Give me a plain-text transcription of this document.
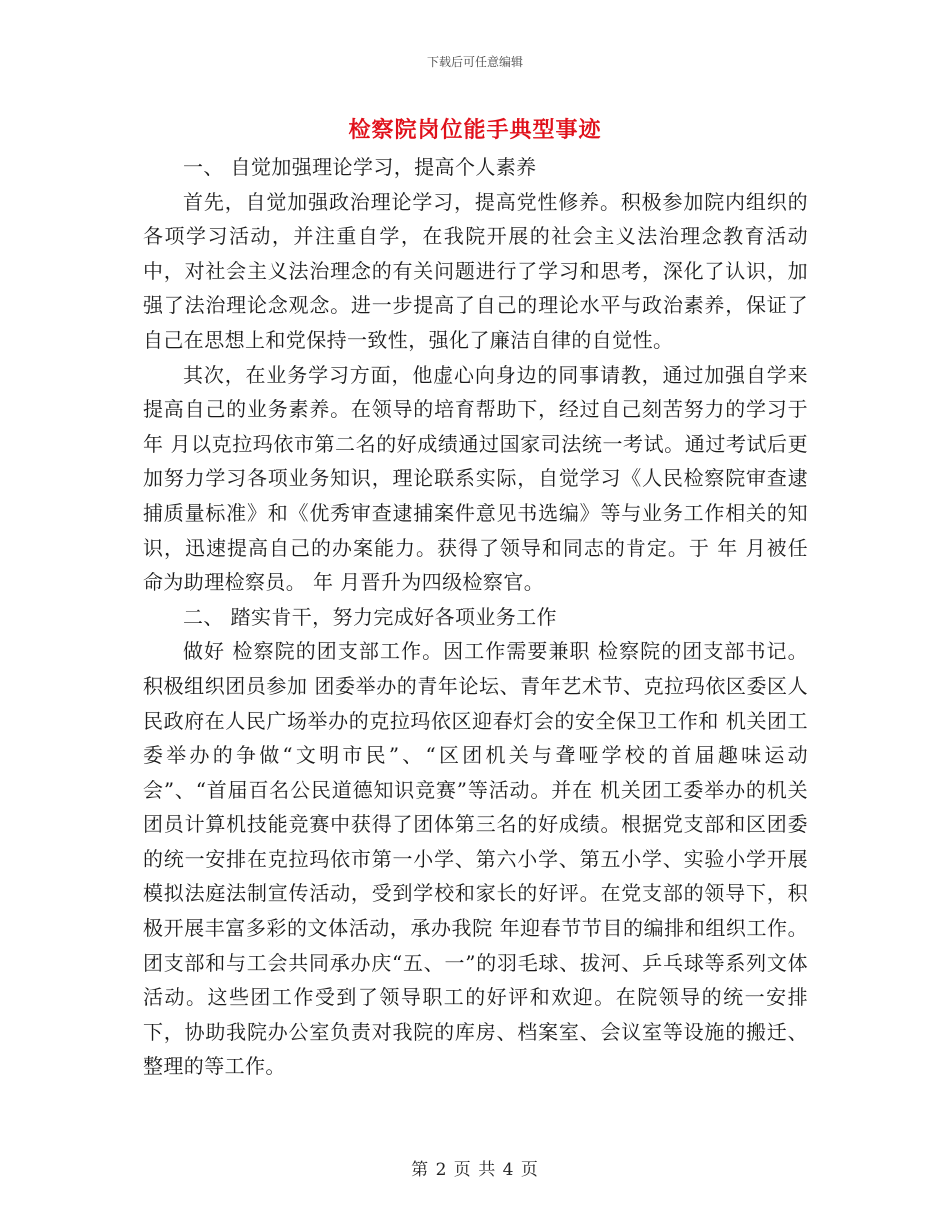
下载后可任意编辑
检察院岗位能手典型事迹

一、 自觉加强理论学习，提高个人素养

首先，自觉加强政治理论学习，提高党性修养。积极参加院内组织的各项学习活动，并注重自学，在我院开展的社会主义法治理念教育活动中，对社会主义法治理念的有关问题进行了学习和思考，深化了认识，加强了法治理论念观念。进一步提高了自己的理论水平与政治素养，保证了自己在思想上和党保持一致性，强化了廉洁自律的自觉性。

其次，在业务学习方面，他虚心向身边的同事请教，通过加强自学来提高自己的业务素养。在领导的培育帮助下，经过自己刻苦努力的学习于 年 月以克拉玛依市第二名的好成绩通过国家司法统一考试。通过考试后更加努力学习各项业务知识，理论联系实际，自觉学习《人民检察院审查逮捕质量标准》和《优秀审查逮捕案件意见书选编》等与业务工作相关的知识，迅速提高自己的办案能力。获得了领导和同志的肯定。于 年 月被任命为助理检察员。 年 月晋升为四级检察官。

二、 踏实肯干，努力完成好各项业务工作

做好 检察院的团支部工作。因工作需要兼职 检察院的团支部书记。积极组织团员参加 团委举办的青年论坛、青年艺术节、克拉玛依区委区人民政府在人民广场举办的克拉玛依区迎春灯会的安全保卫工作和 机关团工委举办的争做“文明市民”、“区团机关与聋哑学校的首届趣味运动会”、“首届百名公民道德知识竞赛”等活动。并在 机关团工委举办的机关团员计算机技能竞赛中获得了团体第三名的好成绩。根据党支部和区团委的统一安排在克拉玛依市第一小学、第六小学、第五小学、实验小学开展模拟法庭法制宣传活动，受到学校和家长的好评。在党支部的领导下，积极开展丰富多彩的文体活动，承办我院 年迎春节节目的编排和组织工作。团支部和与工会共同承办庆“五、一”的羽毛球、拔河、乒乓球等系列文体活动。这些团工作受到了领导职工的好评和欢迎。在院领导的统一安排下，协助我院办公室负责对我院的库房、档案室、会议室等设施的搬迁、整理的等工作。

第 2 页 共 4 页
